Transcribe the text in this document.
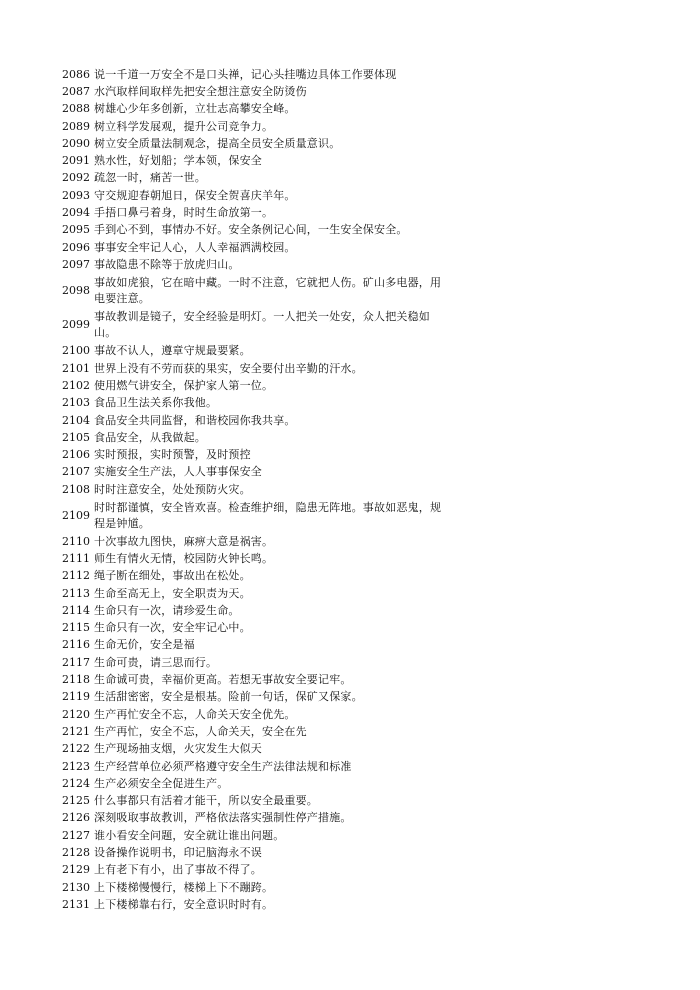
2086 说一千道一万安全不是口头禅，记心头挂嘴边具体工作要体现
2087 水汽取样间取样先把安全想注意安全防烫伤
2088 树雄心少年多创新，立壮志高攀安全峰。
2089 树立科学发展观，提升公司竞争力。
2090 树立安全质量法制观念，提高全员安全质量意识。
2091 熟水性，好划船；学本领，保安全
2092 疏忽一时，痛苦一世。
2093 守交规迎春朝旭日，保安全贺喜庆羊年。
2094 手捂口鼻弓着身，时时生命放第一。
2095 手到心不到，事情办不好。安全条例记心间，一生安全保安全。
2096 事事安全牢记人心，人人幸福洒满校园。
2097 事故隐患不除等于放虎归山。
2098
事故如虎狼，它在暗中藏。一时不注意，它就把人伤。矿山多电器，用电要注意。
2099
事故教训是镜子，安全经验是明灯。一人把关一处安，众人把关稳如山。
2100 事故不认人，遵章守规最要紧。
2101 世界上没有不劳而获的果实，安全要付出辛勤的汗水。
2102 使用燃气讲安全，保护家人第一位。
2103 食品卫生法关系你我他。
2104 食品安全共同监督，和谐校园你我共享。
2105 食品安全，从我做起。
2106 实时预报，实时预警，及时预控
2107 实施安全生产法，人人事事保安全
2108 时时注意安全，处处预防火灾。
2109
时时都谨慎，安全皆欢喜。检查维护细，隐患无阵地。事故如恶鬼，规程是钟馗。
2110 十次事故九图快，麻痹大意是祸害。
2111 师生有情火无情，校园防火钟长鸣。
2112 绳子断在细处，事故出在松处。
2113 生命至高无上，安全职责为天。
2114 生命只有一次，请珍爱生命。
2115 生命只有一次，安全牢记心中。
2116 生命无价，安全是福
2117 生命可贵，请三思而行。
2118 生命诚可贵，幸福价更高。若想无事故安全要记牢。
2119 生活甜密密，安全是根基。险前一句话，保矿又保家。
2120 生产再忙安全不忘，人命关天安全优先。
2121 生产再忙，安全不忘，人命关天，安全在先
2122 生产现场抽支烟，火灾发生大似天
2123 生产经营单位必须严格遵守安全生产法律法规和标准
2124 生产必须安全全促进生产。
2125 什么事都只有活着才能干，所以安全最重要。
2126 深刻吸取事故教训，严格依法落实强制性停产措施。
2127 谁小看安全问题，安全就让谁出问题。
2128 设备操作说明书，印记脑海永不误
2129 上有老下有小，出了事故不得了。
2130 上下楼梯慢慢行，楼梯上下不蹦跨。
2131 上下楼梯靠右行，安全意识时时有。
